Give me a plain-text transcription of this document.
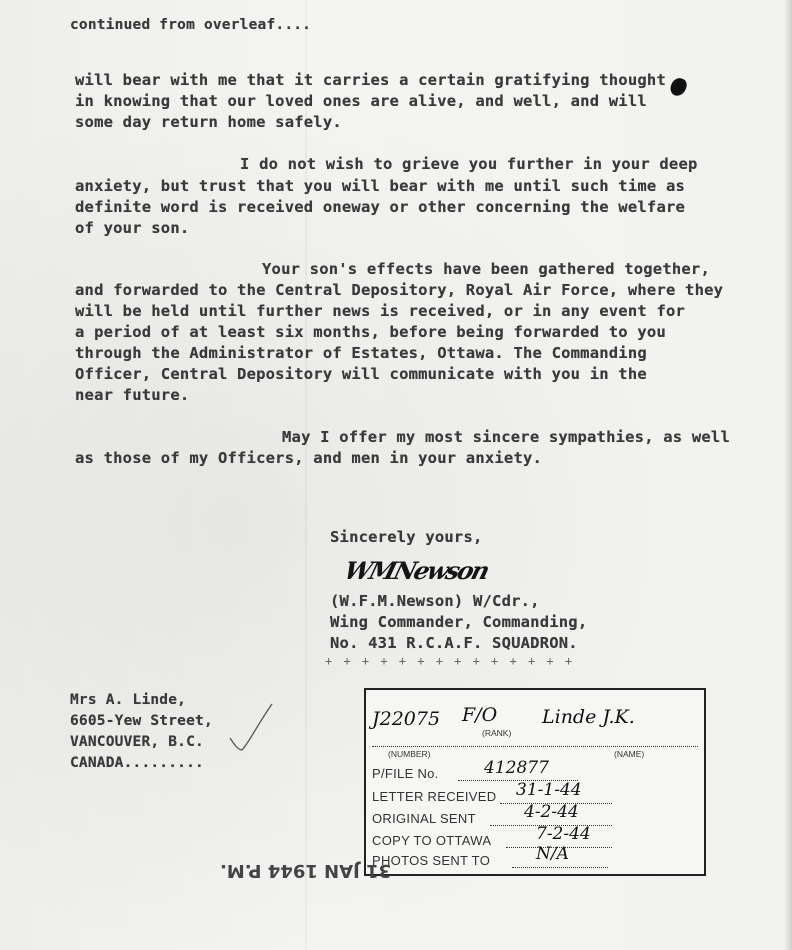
continued from overleaf....
will bear with me that it carries a certain gratifying thought
in knowing that our loved ones are alive, and well, and will
some day return home safely.
I do not wish to grieve you further in your deep
anxiety, but trust that you will bear with me until such time as
definite word is received oneway or other concerning the welfare
of your son.
Your son's effects have been gathered together,
and forwarded to the Central Depository, Royal Air Force, where they
will be held until further news is received, or in any event for
a period of at least six months, before being forwarded to you
through the Administrator of Estates, Ottawa. The Commanding
Officer, Central Depository will communicate with you in the
near future.
May I offer my most sincere sympathies, as well
as those of my Officers, and men in your anxiety.
Sincerely yours,
WMNewson
(W.F.M.Newson) W/Cdr.,
Wing Commander, Commanding,
No. 431 R.C.A.F. SQUADRON.
+ + + + + + + + + + + + + +
Mrs A. Linde,
6605-Yew Street,
VANCOUVER, B.C.
CANADA.........
J22075 F/O Linde J.K.
(NUMBER)
(RANK)
(NAME)
P/FILE No.	412877
LETTER RECEIVED 31-1-44
ORIGINAL SENT	4-2-44
COPY TO OTTAWA	7-2-44
PHOTOS SENT TO	N/A
31 JAN 1944 P.M.
